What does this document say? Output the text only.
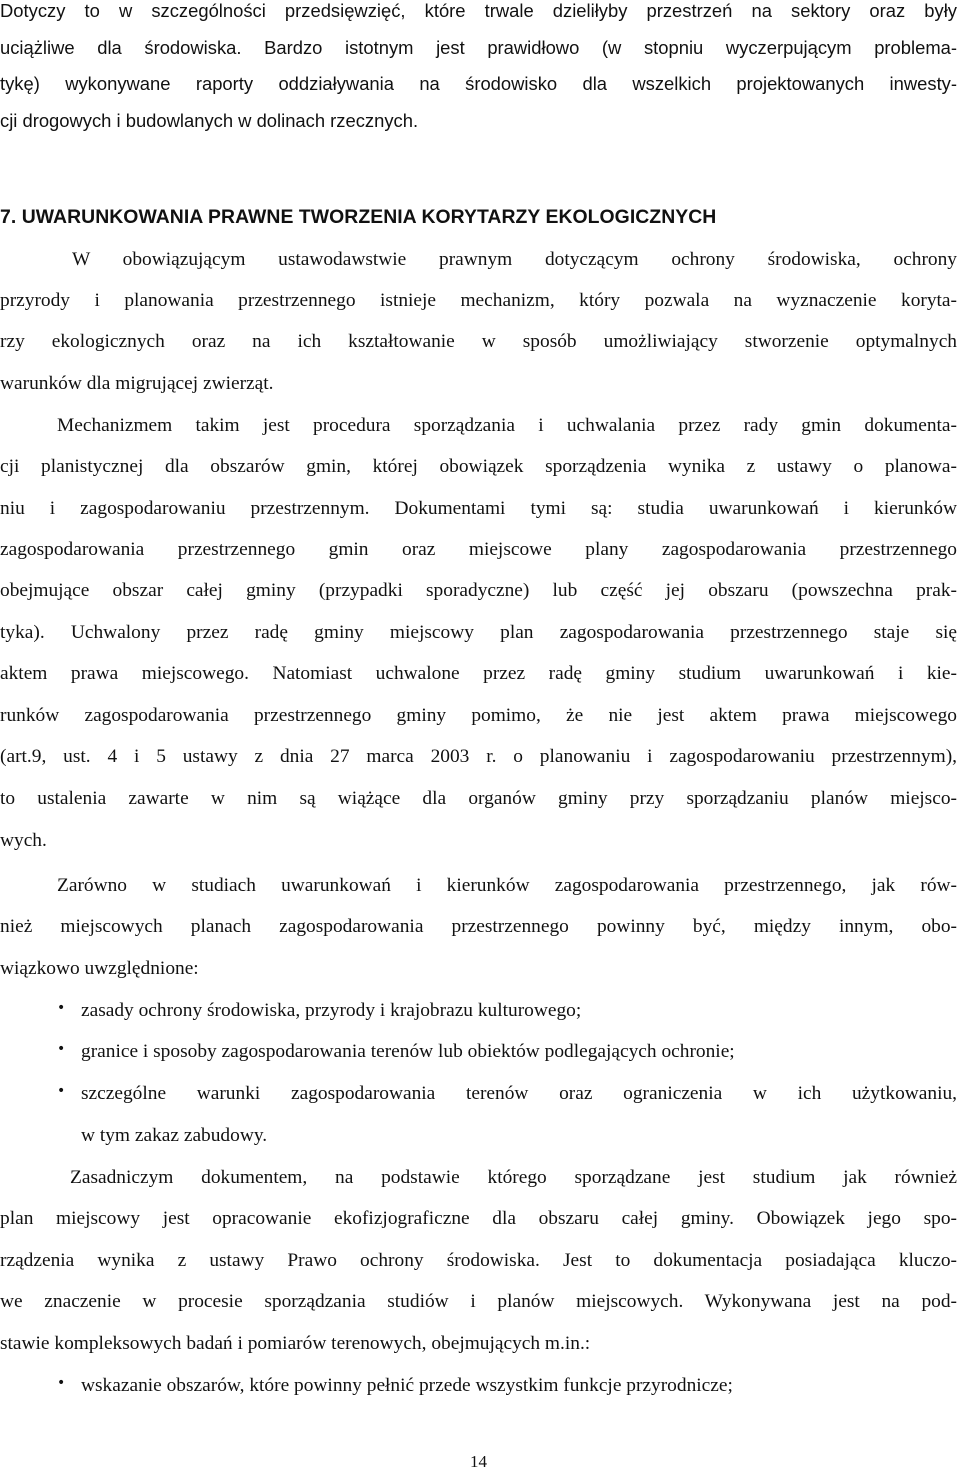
Dotyczy to w szczególności przedsięwzięć, które trwale dzieliłyby przestrzeń na sektory oraz były

uciążliwe dla środowiska. Bardzo istotnym jest prawidłowo (w stopniu wyczerpującym problema-

tykę) wykonywane raporty oddziaływania na środowisko dla wszelkich projektowanych inwesty-

cji drogowych i budowlanych w dolinach rzecznych.

7. UWARUNKOWANIA PRAWNE TWORZENIA KORYTARZY EKOLOGICZNYCH

W obowiązującym ustawodawstwie prawnym dotyczącym ochrony środowiska, ochrony

przyrody i planowania przestrzennego istnieje mechanizm, który pozwala na wyznaczenie koryta-

rzy ekologicznych oraz na ich kształtowanie w sposób umożliwiający stworzenie optymalnych

warunków dla migrującej zwierząt.

Mechanizmem takim jest procedura sporządzania i uchwalania przez rady gmin dokumenta-

cji planistycznej dla obszarów gmin, której obowiązek sporządzenia wynika z ustawy o planowa-

niu i zagospodarowaniu przestrzennym. Dokumentami tymi są: studia uwarunkowań i kierunków

zagospodarowania przestrzennego gmin oraz miejscowe plany zagospodarowania przestrzennego

obejmujące obszar całej gminy (przypadki sporadyczne) lub część jej obszaru (powszechna prak-

tyka). Uchwalony przez radę gminy miejscowy plan zagospodarowania przestrzennego staje się

aktem prawa miejscowego. Natomiast uchwalone przez radę gminy studium uwarunkowań i kie-

runków zagospodarowania przestrzennego gminy pomimo, że nie jest aktem prawa miejscowego

(art.9, ust. 4 i 5 ustawy z dnia 27 marca 2003 r. o planowaniu i zagospodarowaniu przestrzennym),

to ustalenia zawarte w nim są wiążące dla organów gminy przy sporządzaniu planów miejsco-

wych.

Zarówno w studiach uwarunkowań i kierunków zagospodarowania przestrzennego, jak rów-

nież miejscowych planach zagospodarowania przestrzennego powinny być, między innym, obo-

wiązkowo uwzględnione:

• zasady ochrony środowiska, przyrody i krajobrazu kulturowego;

• granice i sposoby zagospodarowania terenów lub obiektów podlegających ochronie;

• szczególne warunki zagospodarowania terenów oraz ograniczenia w ich użytkowaniu,

w tym zakaz zabudowy.

Zasadniczym dokumentem, na podstawie którego sporządzane jest studium jak również

plan miejscowy jest opracowanie ekofizjograficzne dla obszaru całej gminy. Obowiązek jego spo-

rządzenia wynika z ustawy Prawo ochrony środowiska. Jest to dokumentacja posiadająca kluczo-

we znaczenie w procesie sporządzania studiów i planów miejscowych. Wykonywana jest na pod-

stawie kompleksowych badań i pomiarów terenowych, obejmujących m.in.:

• wskazanie obszarów, które powinny pełnić przede wszystkim funkcje przyrodnicze;

14
